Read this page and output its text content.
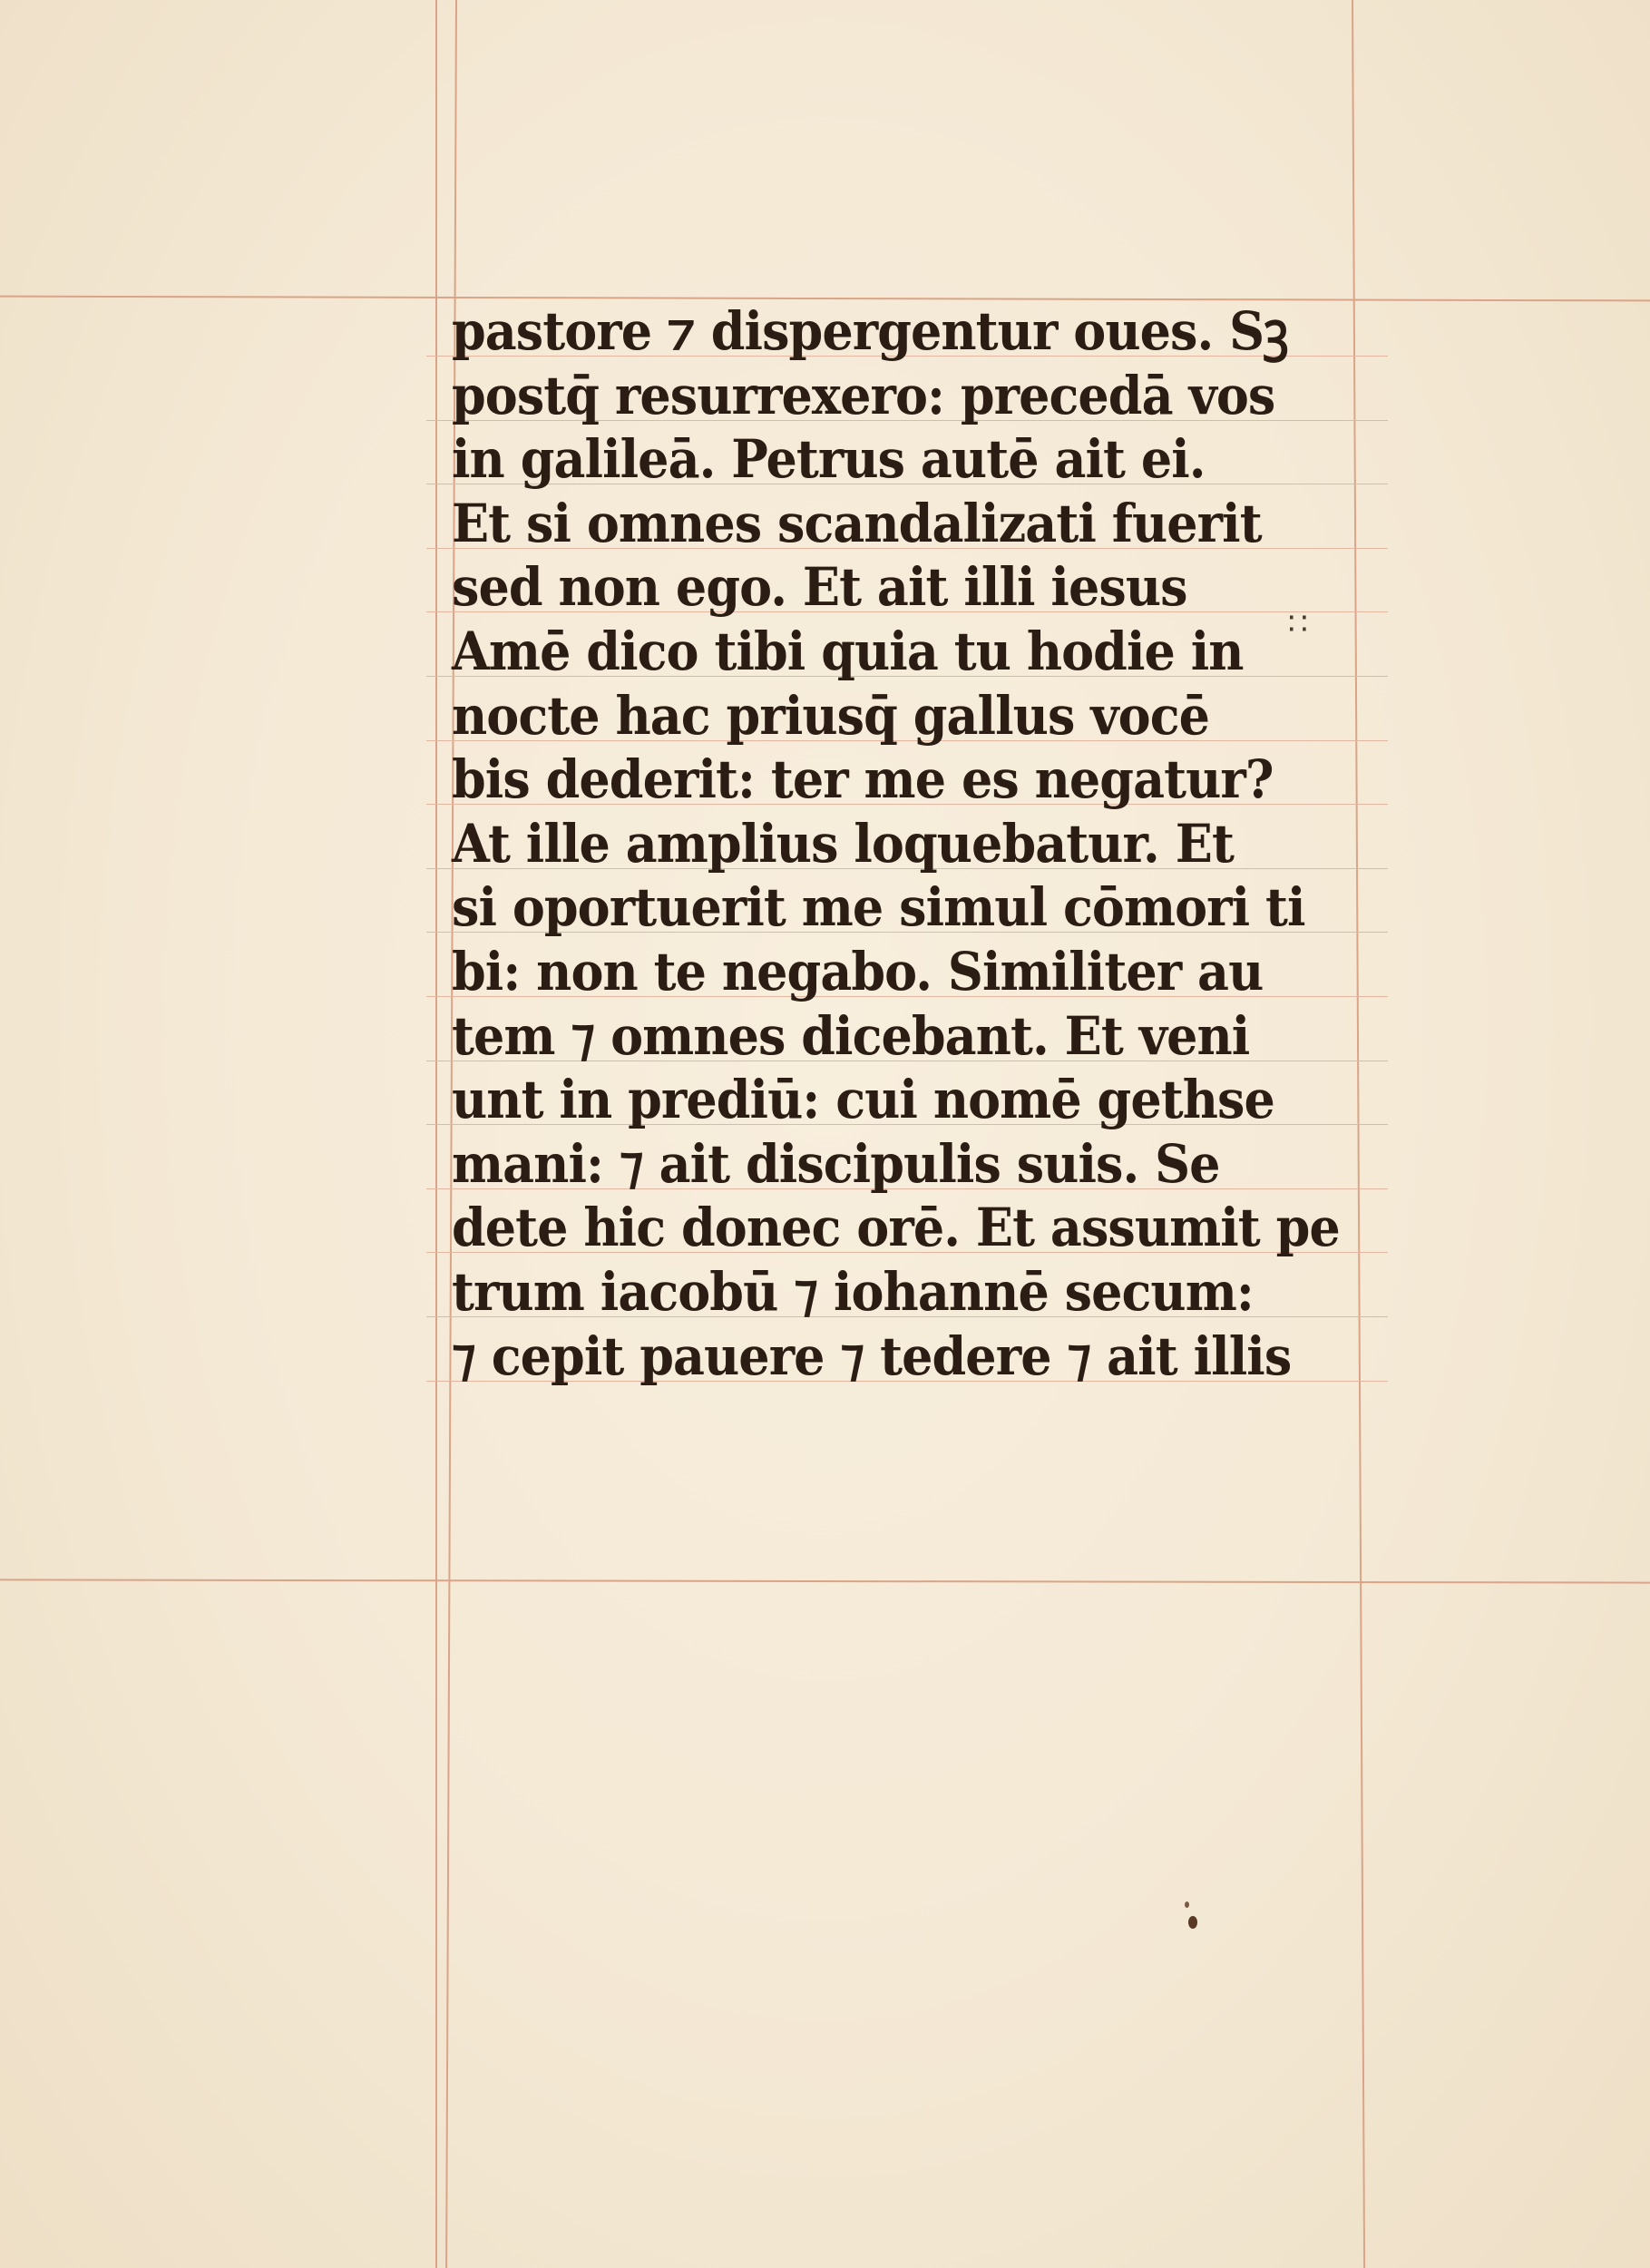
pastore ⁊ dispergentur oues. Sꝫ
postq̄ resurrexero: precedā vos
in galileā. Petrus autē ait ei.
Et si omnes scandalizati fuerit
sed non ego. Et ait illi iesus
Amē dico tibi quia tu hodie in
nocte hac priusq̄ gallus vocē
bis dederit: ter me es negatur?
At ille amplius loquebatur. Et
si oportuerit me simul cōmori ti
bi: non te negabo. Similiter au
tem ⁊ omnes dicebant. Et veni
unt in prediū: cui nomē gethse
mani: ⁊ ait discipulis suis. Se
dete hic donec orē. Et assumit pe
trum iacobū ⁊ iohannē secum:
⁊ cepit pauere ⁊ tedere ⁊ ait illis
∷
